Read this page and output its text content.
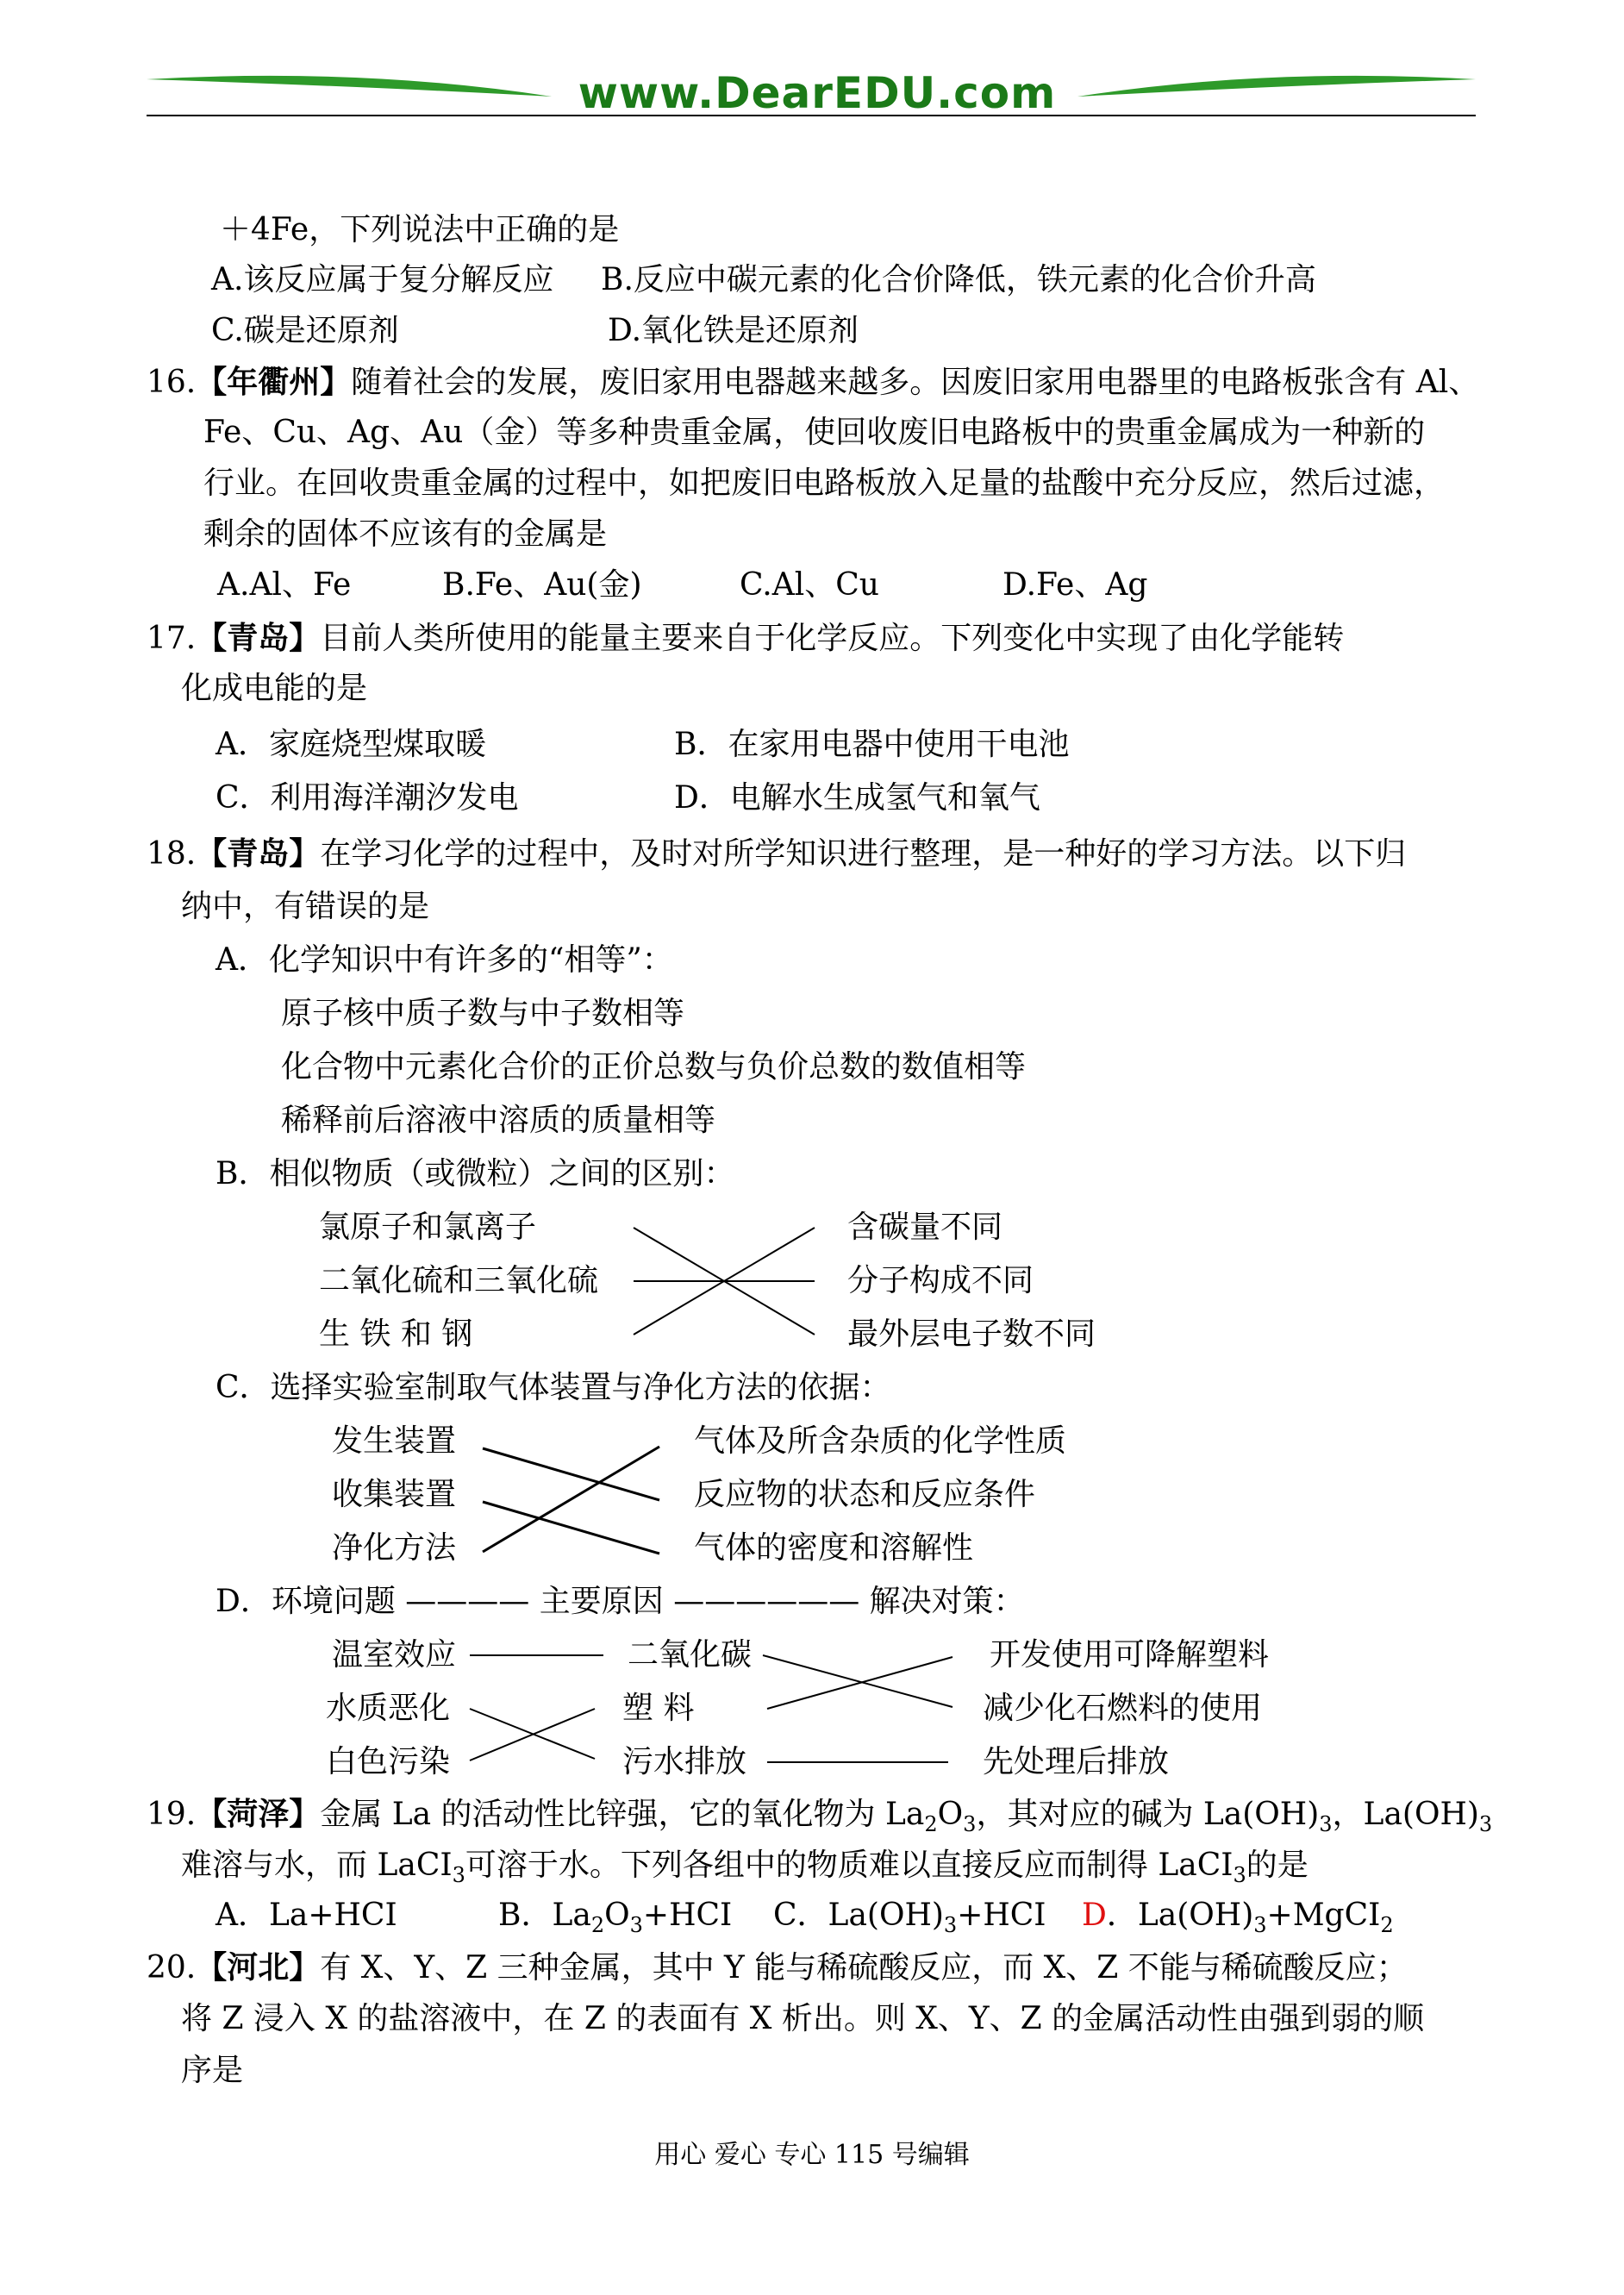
www.DearEDU.com
＋4Fe，下列说法中正确的是
A.该反应属于复分解反应 B.反应中碳元素的化合价降低，铁元素的化合价升高
C.碳是还原剂	D.氧化铁是还原剂
16.【年衢州】随着社会的发展，废旧家用电器越来越多。因废旧家用电器里的电路板张含有 Al、
Fe、Cu、Ag、Au（金）等多种贵重金属，使回收废旧电路板中的贵重金属成为一种新的
行业。在回收贵重金属的过程中，如把废旧电路板放入足量的盐酸中充分反应，然后过滤，
剩余的固体不应该有的金属是
A.Al、Fe	B.Fe、Au(金)	C.Al、Cu	D.Fe、Ag
17.【青岛】目前人类所使用的能量主要来自于化学反应。下列变化中实现了由化学能转
化成电能的是
A．家庭烧型煤取暖	B．在家用电器中使用干电池
C．利用海洋潮汐发电	D．电解水生成氢气和氧气
18.【青岛】在学习化学的过程中，及时对所学知识进行整理，是一种好的学习方法。以下归
纳中，有错误的是
A．化学知识中有许多的“相等”：
原子核中质子数与中子数相等
化合物中元素化合价的正价总数与负价总数的数值相等
稀释前后溶液中溶质的质量相等
B．相似物质（或微粒）之间的区别：
氯原子和氯离子
二氧化硫和三氧化硫
生 铁 和 钢
含碳量不同
分子构成不同
最外层电子数不同
C．选择实验室制取气体装置与净化方法的依据：
发生装置
收集装置
净化方法
气体及所含杂质的化学性质
反应物的状态和反应条件
气体的密度和溶解性
D．环境问题 ———— 主要原因 —————— 解决对策：
温室效应
水质恶化
白色污染
二氧化碳
塑 料
污水排放
开发使用可降解塑料
减少化石燃料的使用
先处理后排放
19.【菏泽】金属 La 的活动性比锌强，它的氧化物为 $La_2O_3$，其对应的碱为 $La(OH)_3$，$La(OH)_3$
难溶与水，而 LaCI$_3$可溶于水。下列各组中的物质难以直接反应而制得 LaCI$_3$的是
A．La+HCI	B．$La_2O_3+HCI$ C．$La(OH)_3+HCI$ D．$La(OH)_3+MgCI_2$
20.【河北】有 X、Y、Z 三种金属，其中 Y 能与稀硫酸反应，而 X、Z 不能与稀硫酸反应；
将 Z 浸入 X 的盐溶液中，在 Z 的表面有 X 析出。则 X、Y、Z 的金属活动性由强到弱的顺
序是
用心 爱心 专心 115 号编辑
